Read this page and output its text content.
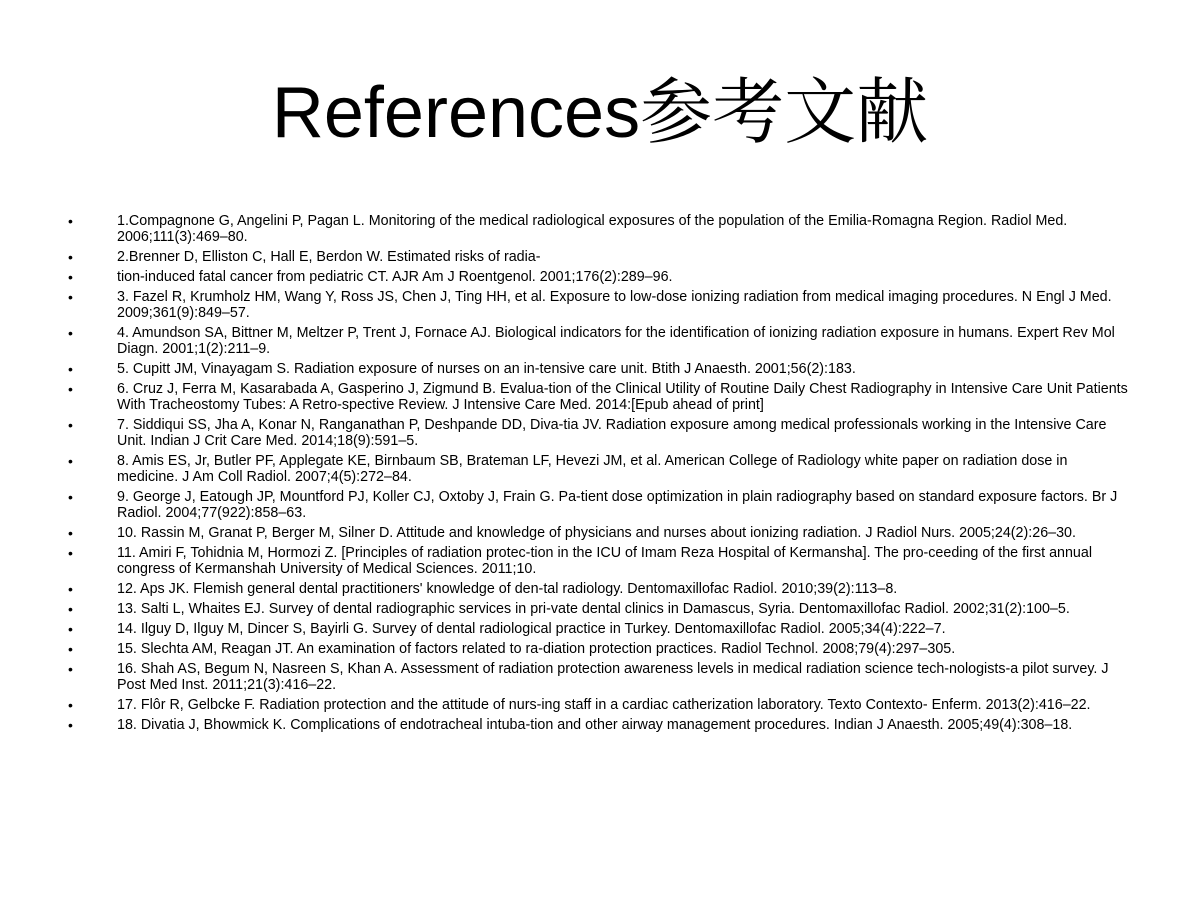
References参考文献
•	1.Compagnone G, Angelini P, Pagan L. Monitoring of the medical radiological exposures of the population of the Emilia-Romagna Region. Radiol Med. 2006;111(3):469–80.
•	2.Brenner D, Elliston C, Hall E, Berdon W. Estimated risks of radia-
•	tion-induced fatal cancer from pediatric CT. AJR Am J Roentgenol. 2001;176(2):289–96.
•	3. Fazel R, Krumholz HM, Wang Y, Ross JS, Chen J, Ting HH, et al. Exposure to low-dose ionizing radiation from medical imaging procedures. N Engl J Med. 2009;361(9):849–57.
•	4. Amundson SA, Bittner M, Meltzer P, Trent J, Fornace AJ. Biological indicators for the identification of ionizing radiation exposure in humans. Expert Rev Mol Diagn. 2001;1(2):211–9.
•	5. Cupitt JM, Vinayagam S. Radiation exposure of nurses on an in-tensive care unit. Btith J Anaesth. 2001;56(2):183.
•	6. Cruz J, Ferra M, Kasarabada A, Gasperino J, Zigmund B. Evalua-tion of the Clinical Utility of Routine Daily Chest Radiography in Intensive Care Unit Patients With Tracheostomy Tubes: A Retro-spective Review. J Intensive Care Med. 2014:[Epub ahead of print]
•	7. Siddiqui SS, Jha A, Konar N, Ranganathan P, Deshpande DD, Diva-tia JV. Radiation exposure among medical professionals working in the Intensive Care Unit. Indian J Crit Care Med. 2014;18(9):591–5.
•	8. Amis ES, Jr, Butler PF, Applegate KE, Birnbaum SB, Brateman LF, Hevezi JM, et al. American College of Radiology white paper on radiation dose in medicine. J Am Coll Radiol. 2007;4(5):272–84.
•	9. George J, Eatough JP, Mountford PJ, Koller CJ, Oxtoby J, Frain G. Pa-tient dose optimization in plain radiography based on standard exposure factors. Br J Radiol. 2004;77(922):858–63.
•	10. Rassin M, Granat P, Berger M, Silner D. Attitude and knowledge of physicians and nurses about ionizing radiation. J Radiol Nurs. 2005;24(2):26–30.
•	11. Amiri F, Tohidnia M, Hormozi Z. [Principles of radiation protec-tion in the ICU of Imam Reza Hospital of Kermansha]. The pro-ceeding of the first annual congress of Kermanshah University of Medical Sciences. 2011;10.
•	12. Aps JK. Flemish general dental practitioners' knowledge of den-tal radiology. Dentomaxillofac Radiol. 2010;39(2):113–8.
•	13. Salti L, Whaites EJ. Survey of dental radiographic services in pri-vate dental clinics in Damascus, Syria. Dentomaxillofac Radiol. 2002;31(2):100–5.
•	14. Ilguy D, Ilguy M, Dincer S, Bayirli G. Survey of dental radiological practice in Turkey. Dentomaxillofac Radiol. 2005;34(4):222–7.
•	15. Slechta AM, Reagan JT. An examination of factors related to ra-diation protection practices. Radiol Technol. 2008;79(4):297–305.
•	16. Shah AS, Begum N, Nasreen S, Khan A. Assessment of radiation protection awareness levels in medical radiation science tech-nologists-a pilot survey. J Post Med Inst. 2011;21(3):416–22.
•	17. Flôr R, Gelbcke F. Radiation protection and the attitude of nurs-ing staff in a cardiac catherization laboratory. Texto Contexto- Enferm. 2013(2):416–22.
•	18. Divatia J, Bhowmick K. Complications of endotracheal intuba-tion and other airway management procedures. Indian J Anaesth. 2005;49(4):308–18.
